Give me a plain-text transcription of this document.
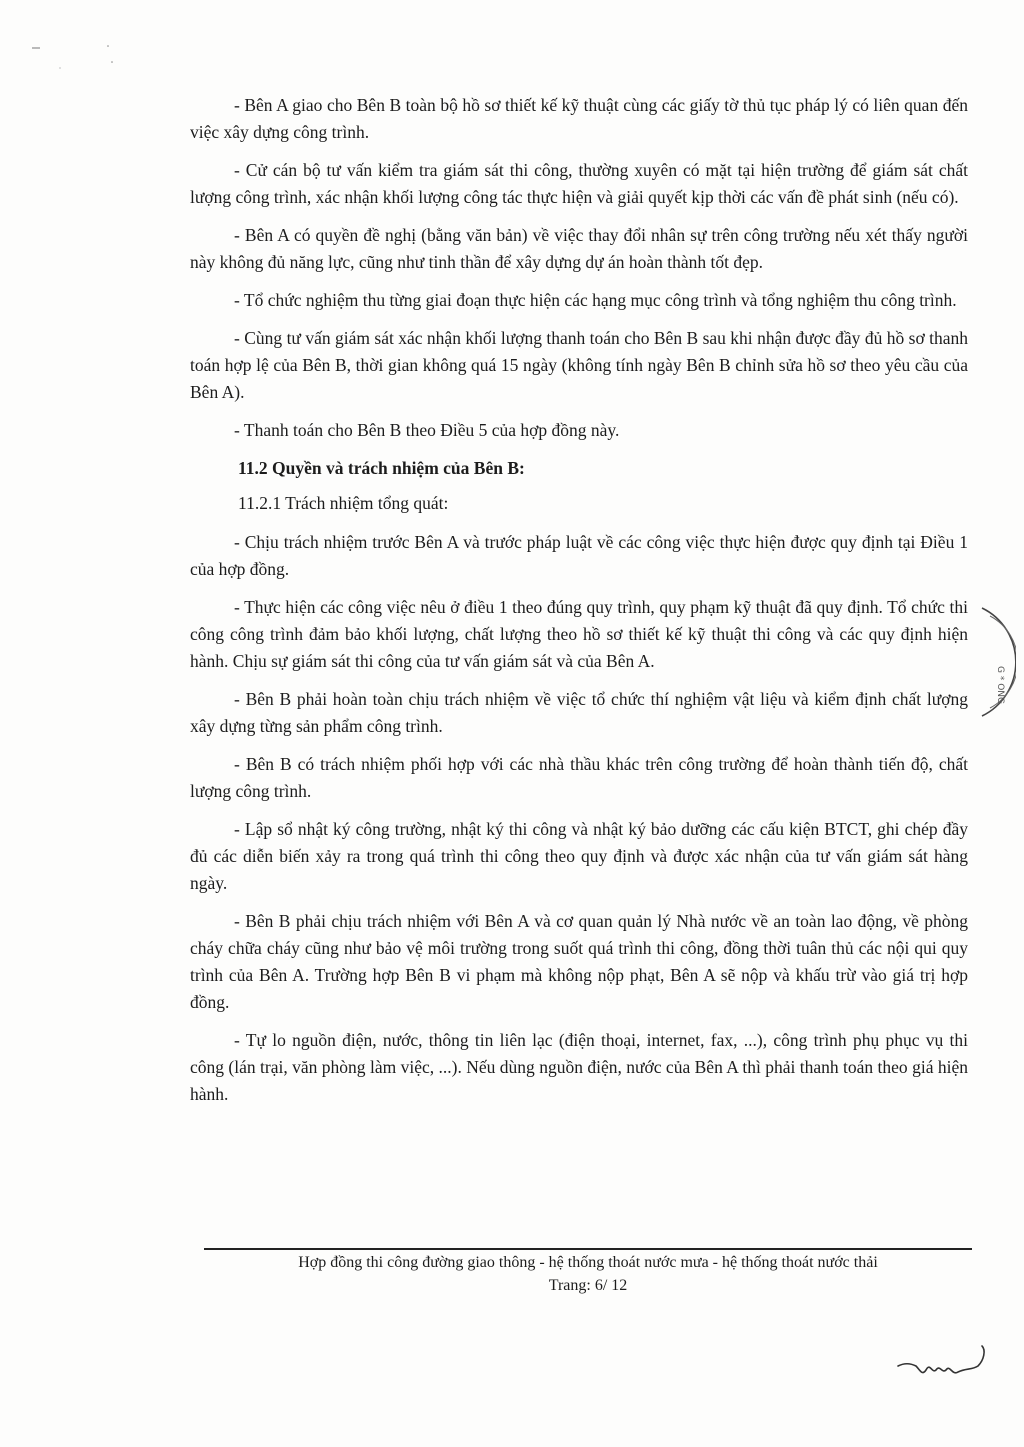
- Bên A giao cho Bên B toàn bộ hồ sơ thiết kế kỹ thuật cùng các giấy tờ thủ tục pháp lý có liên quan đến việc xây dựng công trình.

- Cử cán bộ tư vấn kiểm tra giám sát thi công, thường xuyên có mặt tại hiện trường để giám sát chất lượng công trình, xác nhận khối lượng công tác thực hiện và giải quyết kịp thời các vấn đề phát sinh (nếu có).

- Bên A có quyền đề nghị (bằng văn bản) về việc thay đổi nhân sự trên công trường nếu xét thấy người này không đủ năng lực, cũng như tinh thần để xây dựng dự án hoàn thành tốt đẹp.

- Tổ chức nghiệm thu từng giai đoạn thực hiện các hạng mục công trình và tổng nghiệm thu công trình.

- Cùng tư vấn giám sát xác nhận khối lượng thanh toán cho Bên B sau khi nhận được đầy đủ hồ sơ thanh toán hợp lệ của Bên B, thời gian không quá 15 ngày (không tính ngày Bên B chỉnh sửa hồ sơ theo yêu cầu của Bên A).

- Thanh toán cho Bên B theo Điều 5 của hợp đồng này.

11.2 Quyền và trách nhiệm của Bên B:
11.2.1 Trách nhiệm tổng quát:

- Chịu trách nhiệm trước Bên A và trước pháp luật về các công việc thực hiện được quy định tại Điều 1 của hợp đồng.

- Thực hiện các công việc nêu ở điều 1 theo đúng quy trình, quy phạm kỹ thuật đã quy định. Tổ chức thi công công trình đảm bảo khối lượng, chất lượng theo hồ sơ thiết kế kỹ thuật thi công và các quy định hiện hành. Chịu sự giám sát thi công của tư vấn giám sát và của Bên A.

- Bên B phải hoàn toàn chịu trách nhiệm về việc tổ chức thí nghiệm vật liệu và kiểm định chất lượng xây dựng từng sản phẩm công trình.

- Bên B có trách nhiệm phối hợp với các nhà thầu khác trên công trường để hoàn thành tiến độ, chất lượng công trình.

- Lập sổ nhật ký công trường, nhật ký thi công và nhật ký bảo dưỡng các cấu kiện BTCT, ghi chép đầy đủ các diễn biến xảy ra trong quá trình thi công theo quy định và được xác nhận của tư vấn giám sát hàng ngày.

- Bên B phải chịu trách nhiệm với Bên A và cơ quan quản lý Nhà nước về an toàn lao động, về phòng cháy chữa cháy cũng như bảo vệ môi trường trong suốt quá trình thi công, đồng thời tuân thủ các nội qui quy trình của Bên A. Trường hợp Bên B vi phạm mà không nộp phạt, Bên A sẽ nộp và khấu trừ vào giá trị hợp đồng.

- Tự lo nguồn điện, nước, thông tin liên lạc (điện thoại, internet, fax, ...), công trình phụ phục vụ thi công (lán trại, văn phòng làm việc, ...). Nếu dùng nguồn điện, nước của Bên A thì phải thanh toán theo giá hiện hành.

G * ONG
Hợp đồng thi công đường giao thông - hệ thống thoát nước mưa - hệ thống thoát nước thải
Trang: 6/ 12
